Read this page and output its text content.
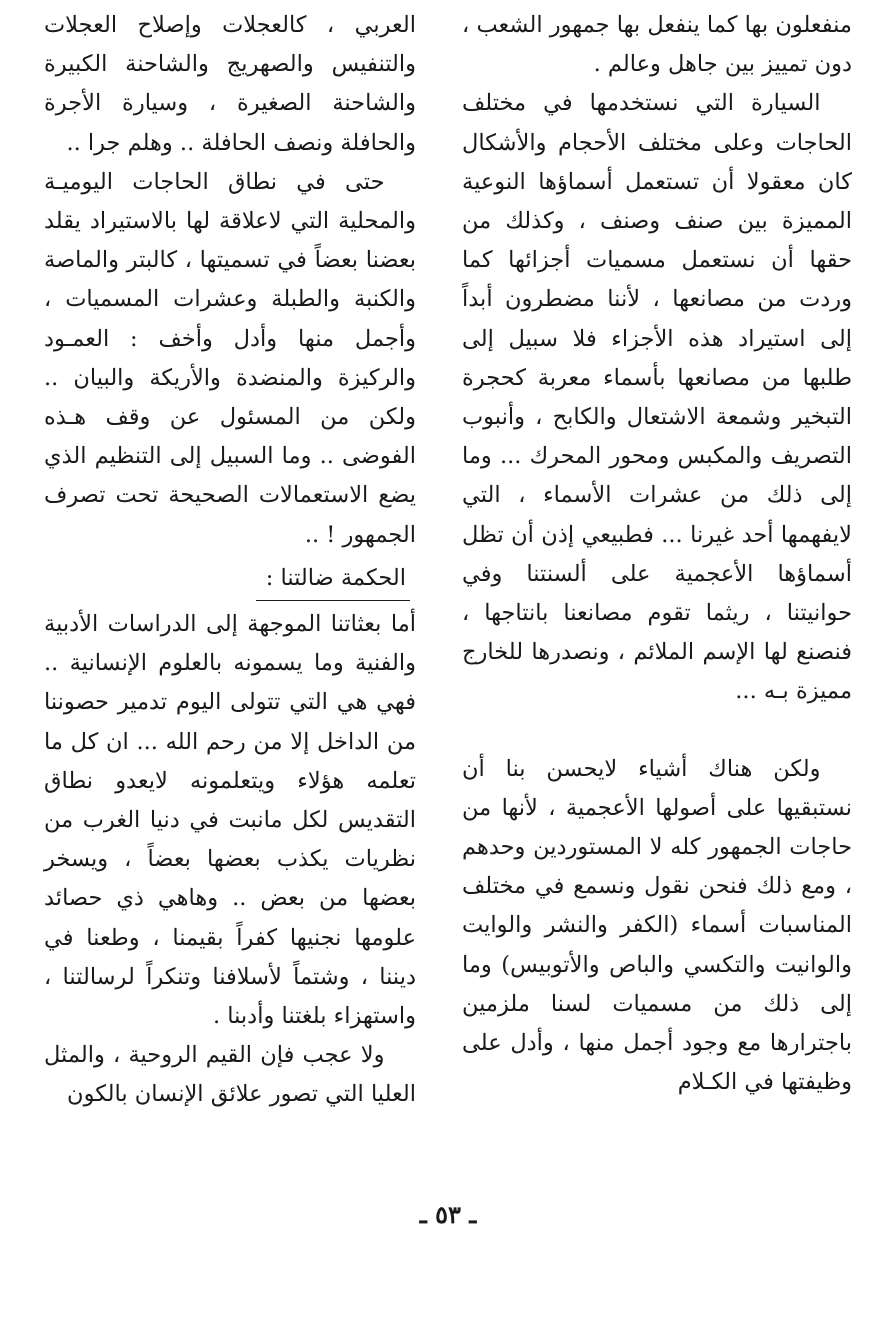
منفعلون بها كما ينفعل بها جمهور الشعب ، دون تمييز بين جاهل وعالم .

السيارة التي نستخدمها في مختلف الحاجات وعلى مختلف الأحجام والأشكال كان معقولا أن تستعمل أسماؤها النوعية المميزة بين صنف وصنف ، وكذلك من حقها أن نستعمل مسميات أجزائها كما وردت من مصانعها ، لأننا مضطرون أبداً إلى استيراد هذه الأجزاء فلا سبيل إلى طلبها من مصانعها بأسماء معربة كحجرة التبخير وشمعة الاشتعال والكابح ، وأنبوب التصريف والمكبس ومحور المحرك ... وما إلى ذلك من عشرات الأسماء ، التي لايفهمها أحد غيرنا ... فطبيعي إذن أن تظل أسماؤها الأعجمية على ألسنتنا وفي حوانيتنا ، ريثما تقوم مصانعنا بانتاجها ، فنصنع لها الإسم الملائم ، ونصدرها للخارج مميزة بـه ...

ولكن هناك أشياء لايحسن بنا أن نستبقيها على أصولها الأعجمية ، لأنها من حاجات الجمهور كله لا المستوردين وحدهم ، ومع ذلك فنحن نقول ونسمع في مختلف المناسبات أسماء (الكفر والنشر والوايت والوانيت والتكسي والباص والأتوبيس) وما إلى ذلك من مسميات لسنا ملزمين باجترارها مع وجود أجمل منها ، وأدل على وظيفتها في الكـلام

العربي ، كالعجلات وإصلاح العجلات والتنفيس والصهريج والشاحنة الكبيرة والشاحنة الصغيرة ، وسيارة الأجرة والحافلة ونصف الحافلة .. وهلم جرا ..

حتى في نطاق الحاجات اليوميـة والمحلية التي لاعلاقة لها بالاستيراد يقلد بعضنا بعضاً في تسميتها ، كالبتر والماصة والكنبة والطبلة وعشرات المسميات ، وأجمل منها وأدل وأخف : العمـود والركيزة والمنضدة والأريكة والبيان .. ولكن من المسئول عن وقف هـذه الفوضى .. وما السبيل إلى التنظيم الذي يضع الاستعمالات الصحيحة تحت تصرف الجمهور ! ..

الحكمة ضالتنا :

أما بعثاتنا الموجهة إلى الدراسات الأدبية والفنية وما يسمونه بالعلوم الإنسانية .. فهي هي التي تتولى اليوم تدمير حصوننا من الداخل إلا من رحم الله ... ان كل ما تعلمه هؤلاء ويتعلمونه لايعدو نطاق التقديس لكل مانبت في دنيا الغرب من نظريات يكذب بعضها بعضاً ، ويسخر بعضها من بعض .. وهاهي ذي حصائد علومها نجنيها كفراً بقيمنا ، وطعنا في ديننا ، وشتماً لأسلافنا وتنكراً لرسالتنا ، واستهزاء بلغتنا وأدبنا .

ولا عجب فإن القيم الروحية ، والمثل العليا التي تصور علائق الإنسان بالكون

ـ ٥٣ ـ
